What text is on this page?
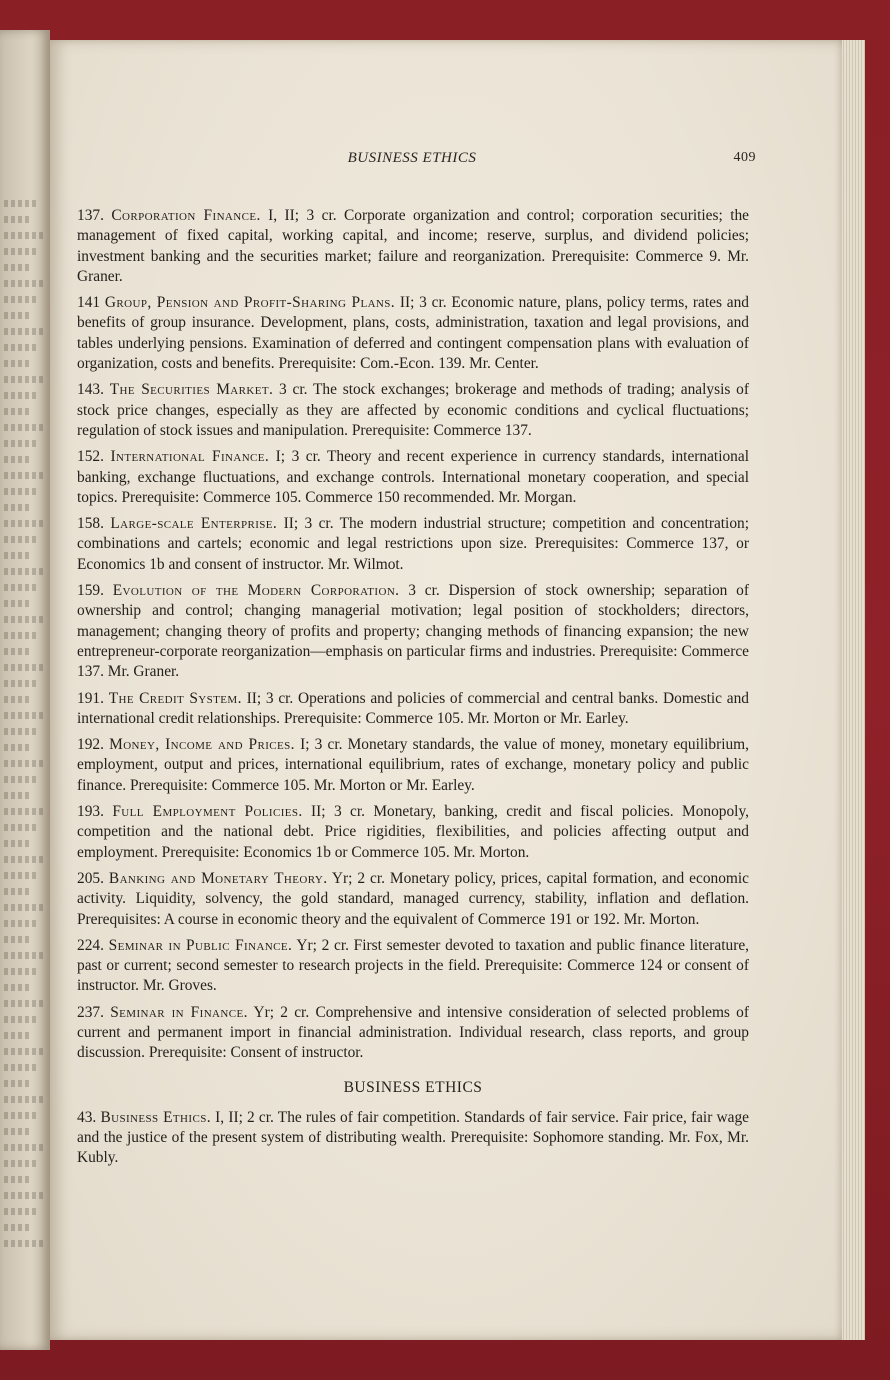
BUSINESS ETHICS	409

137. Corporation Finance. I, II; 3 cr. Corporate organization and control; corporation securities; the management of fixed capital, working capital, and income; reserve, surplus, and dividend policies; investment banking and the securities market; failure and reorganization. Prerequisite: Commerce 9. Mr. Graner.

141 Group, Pension and Profit-Sharing Plans. II; 3 cr. Economic nature, plans, policy terms, rates and benefits of group insurance. Development, plans, costs, administration, taxation and legal provisions, and tables underlying pensions. Examination of deferred and contingent compensation plans with evaluation of organization, costs and benefits. Prerequisite: Com.-Econ. 139. Mr. Center.

143. The Securities Market. 3 cr. The stock exchanges; brokerage and methods of trading; analysis of stock price changes, especially as they are affected by economic conditions and cyclical fluctuations; regulation of stock issues and manipulation. Prerequisite: Commerce 137.

152. International Finance. I; 3 cr. Theory and recent experience in currency standards, international banking, exchange fluctuations, and exchange controls. International monetary cooperation, and special topics. Prerequisite: Commerce 105. Commerce 150 recommended. Mr. Morgan.

158. Large-scale Enterprise. II; 3 cr. The modern industrial structure; competition and concentration; combinations and cartels; economic and legal restrictions upon size. Prerequisites: Commerce 137, or Economics 1b and consent of instructor. Mr. Wilmot.

159. Evolution of the Modern Corporation. 3 cr. Dispersion of stock ownership; separation of ownership and control; changing managerial motivation; legal position of stockholders; directors, management; changing theory of profits and property; changing methods of financing expansion; the new entrepreneur-corporate reorganization—emphasis on particular firms and industries. Prerequisite: Commerce 137. Mr. Graner.

191. The Credit System. II; 3 cr. Operations and policies of commercial and central banks. Domestic and international credit relationships. Prerequisite: Commerce 105. Mr. Morton or Mr. Earley.

192. Money, Income and Prices. I; 3 cr. Monetary standards, the value of money, monetary equilibrium, employment, output and prices, international equilibrium, rates of exchange, monetary policy and public finance. Prerequisite: Commerce 105. Mr. Morton or Mr. Earley.

193. Full Employment Policies. II; 3 cr. Monetary, banking, credit and fiscal policies. Monopoly, competition and the national debt. Price rigidities, flexibilities, and policies affecting output and employment. Prerequisite: Economics 1b or Commerce 105. Mr. Morton.

205. Banking and Monetary Theory. Yr; 2 cr. Monetary policy, prices, capital formation, and economic activity. Liquidity, solvency, the gold standard, managed currency, stability, inflation and deflation. Prerequisites: A course in economic theory and the equivalent of Commerce 191 or 192. Mr. Morton.

224. Seminar in Public Finance. Yr; 2 cr. First semester devoted to taxation and public finance literature, past or current; second semester to research projects in the field. Prerequisite: Commerce 124 or consent of instructor. Mr. Groves.

237. Seminar in Finance. Yr; 2 cr. Comprehensive and intensive consideration of selected problems of current and permanent import in financial administration. Individual research, class reports, and group discussion. Prerequisite: Consent of instructor.

BUSINESS ETHICS

43. Business Ethics. I, II; 2 cr. The rules of fair competition. Standards of fair service. Fair price, fair wage and the justice of the present system of distributing wealth. Prerequisite: Sophomore standing. Mr. Fox, Mr. Kubly.
